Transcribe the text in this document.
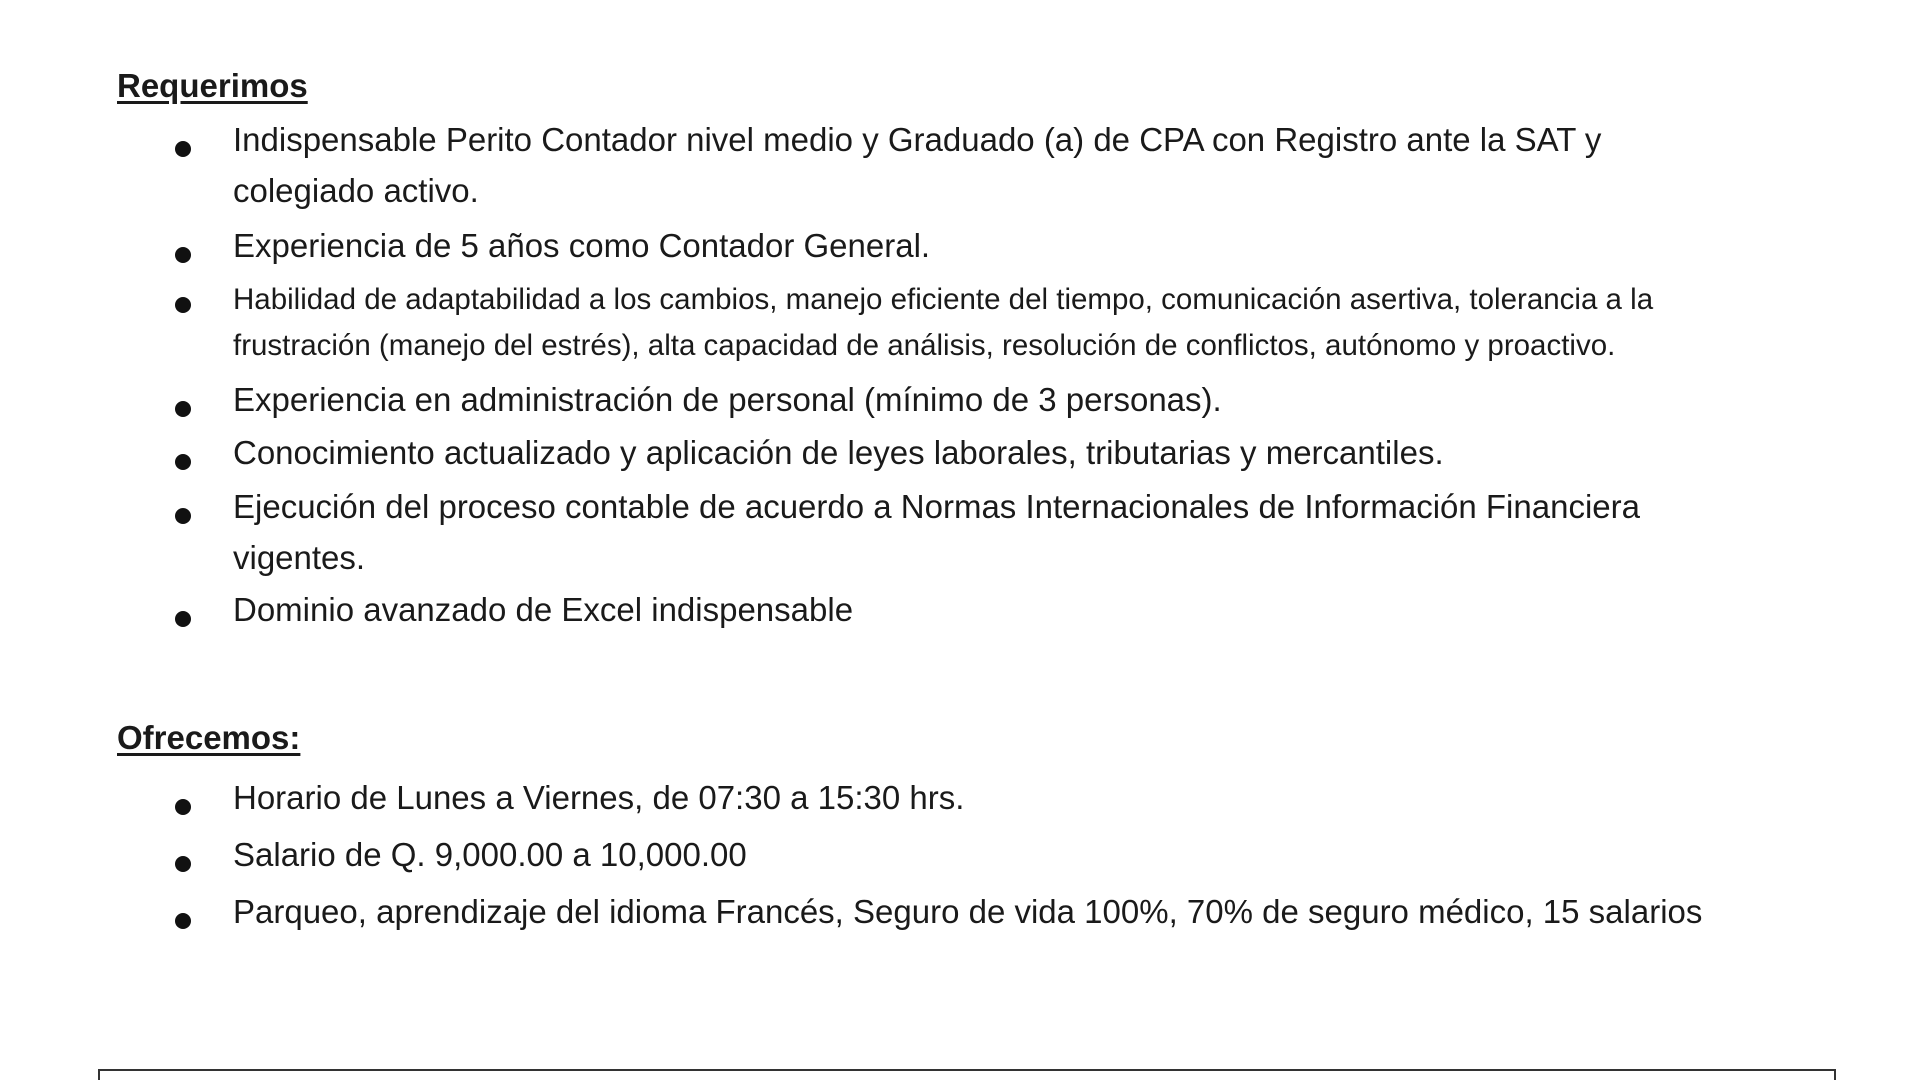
Requerimos

Indispensable Perito Contador nivel medio y Graduado (a) de CPA con Registro ante la SAT y
colegiado activo.

Experiencia de 5 años como Contador General.

Habilidad de adaptabilidad a los cambios, manejo eficiente del tiempo, comunicación asertiva, tolerancia a la
frustración (manejo del estrés), alta capacidad de análisis, resolución de conflictos, autónomo y proactivo.

Experiencia en administración de personal (mínimo de 3 personas).

Conocimiento actualizado y aplicación de leyes laborales, tributarias y mercantiles.

Ejecución del proceso contable de acuerdo a Normas Internacionales de Información Financiera
vigentes.

Dominio avanzado de Excel indispensable

Ofrecemos:

Horario de Lunes a Viernes, de 07:30 a 15:30 hrs.

Salario de Q. 9,000.00 a 10,000.00

Parqueo, aprendizaje del idioma Francés, Seguro de vida 100%, 70% de seguro médico, 15 salarios
